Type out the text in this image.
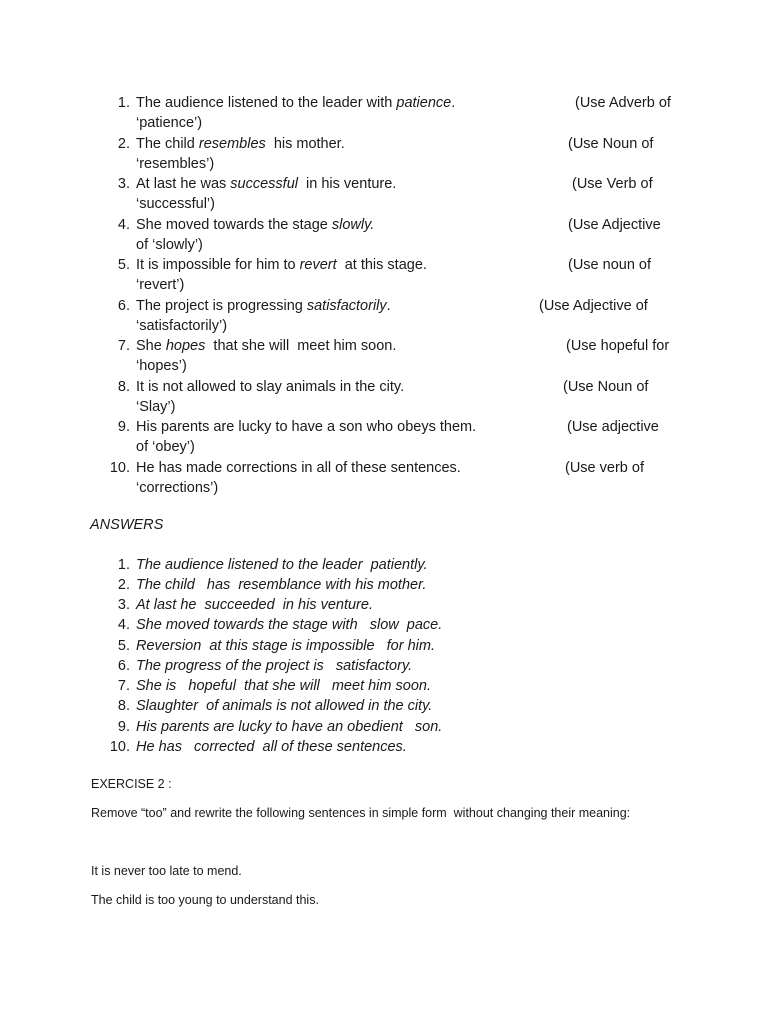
1. The audience listened to the leader with patience.	(Use Adverb of
‘patience’)
2. The child resembles  his mother.	(Use Noun of
‘resembles’)
3. At last he was successful  in his venture.	(Use Verb of
‘successful’)
4. She moved towards the stage slowly.	(Use Adjective
of ‘slowly’)
5. It is impossible for him to revert  at this stage.	(Use noun of
‘revert’)
6. The project is progressing satisfactorily.	(Use Adjective of
‘satisfactorily’)
7. She hopes  that she will  meet him soon.	(Use hopeful for
‘hopes’)
8. It is not allowed to slay animals in the city.	(Use Noun of
‘Slay’)
9. His parents are lucky to have a son who obeys them.	(Use adjective
of ‘obey’)
10. He has made corrections in all of these sentences.	(Use verb of
‘corrections’)
ANSWERS
1. The audience listened to the leader  patiently.
2. The child   has  resemblance with his mother.
3. At last he  succeeded  in his venture.
4. She moved towards the stage with   slow  pace.
5. Reversion  at this stage is impossible   for him.
6. The progress of the project is   satisfactory.
7. She is   hopeful  that she will   meet him soon.
8. Slaughter  of animals is not allowed in the city.
9. His parents are lucky to have an obedient   son.
10. He has   corrected  all of these sentences.
EXERCISE 2 :
Remove “too” and rewrite the following sentences in simple form  without changing their meaning:
It is never too late to mend.
The child is too young to understand this.
